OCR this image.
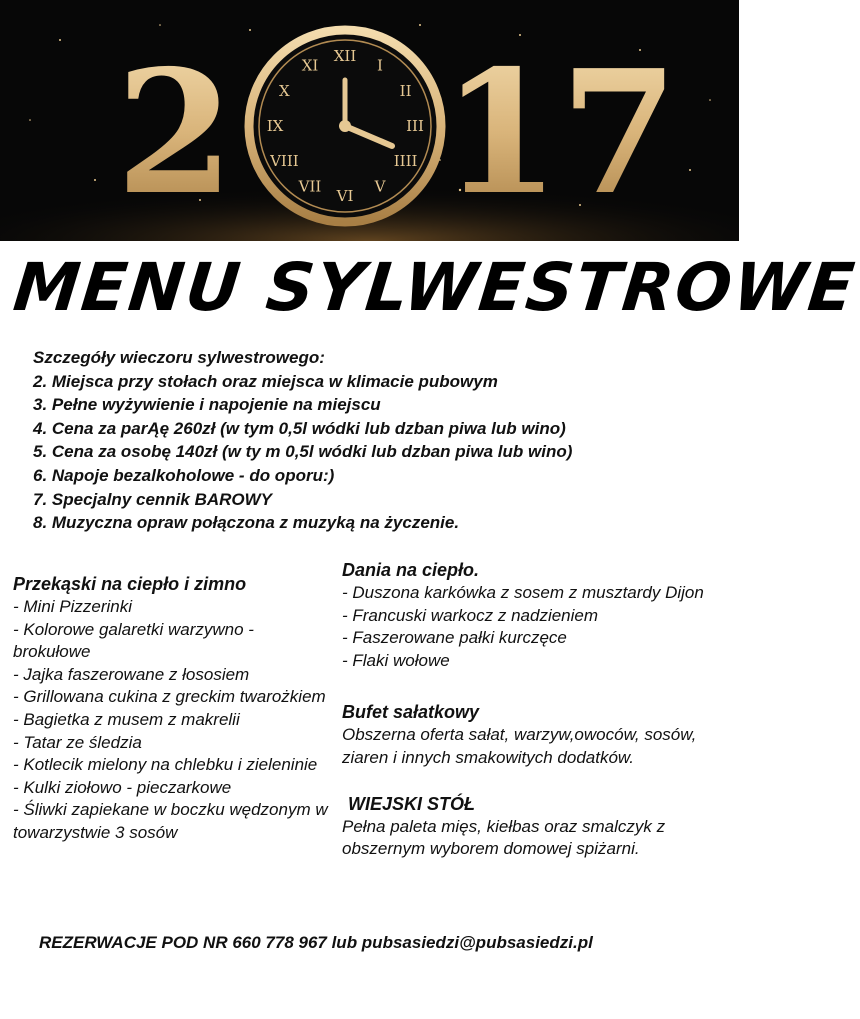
2 17
XII
I
II
III
IIII
V
VI
VII
VIII
IX
X
XI
MENU SYLWESTROWE
Szczegóły wieczoru sylwestrowego:
2. Miejsca przy stołach oraz miejsca w klimacie pubowym
3. Pełne wyżywienie i napojenie na miejscu
4. Cena za parĄę 260zł (w tym 0,5l wódki lub dzban piwa lub wino)
5. Cena za osobę 140zł (w ty m 0,5l wódki lub dzban piwa lub wino)
6. Napoje bezalkoholowe - do oporu:)
7. Specjalny cennik BAROWY
8. Muzyczna opraw połączona z muzyką na życzenie.
Przekąski na ciepło i zimno
- Mini Pizzerinki
- Kolorowe galaretki warzywno - brokułowe
- Jajka faszerowane z łososiem
- Grillowana cukina z greckim twarożkiem
- Bagietka z musem z makrelii
- Tatar ze śledzia
- Kotlecik mielony na chlebku i zieleninie
- Kulki ziołowo - pieczarkowe
- Śliwki zapiekane w boczku wędzonym w towarzystwie 3 sosów
Dania na ciepło.
- Duszona karkówka z sosem z musztardy Dijon
- Francuski warkocz z nadzieniem
- Faszerowane pałki kurczęce
- Flaki wołowe
Bufet sałatkowy
Obszerna oferta sałat, warzyw,owoców, sosów, ziaren i innych smakowitych dodatków.
WIEJSKI STÓŁ
Pełna paleta mięs, kiełbas oraz smalczyk z obszernym wyborem domowej spiżarni.
REZERWACJE POD NR 660 778 967 lub pubsasiedzi@pubsasiedzi.pl
